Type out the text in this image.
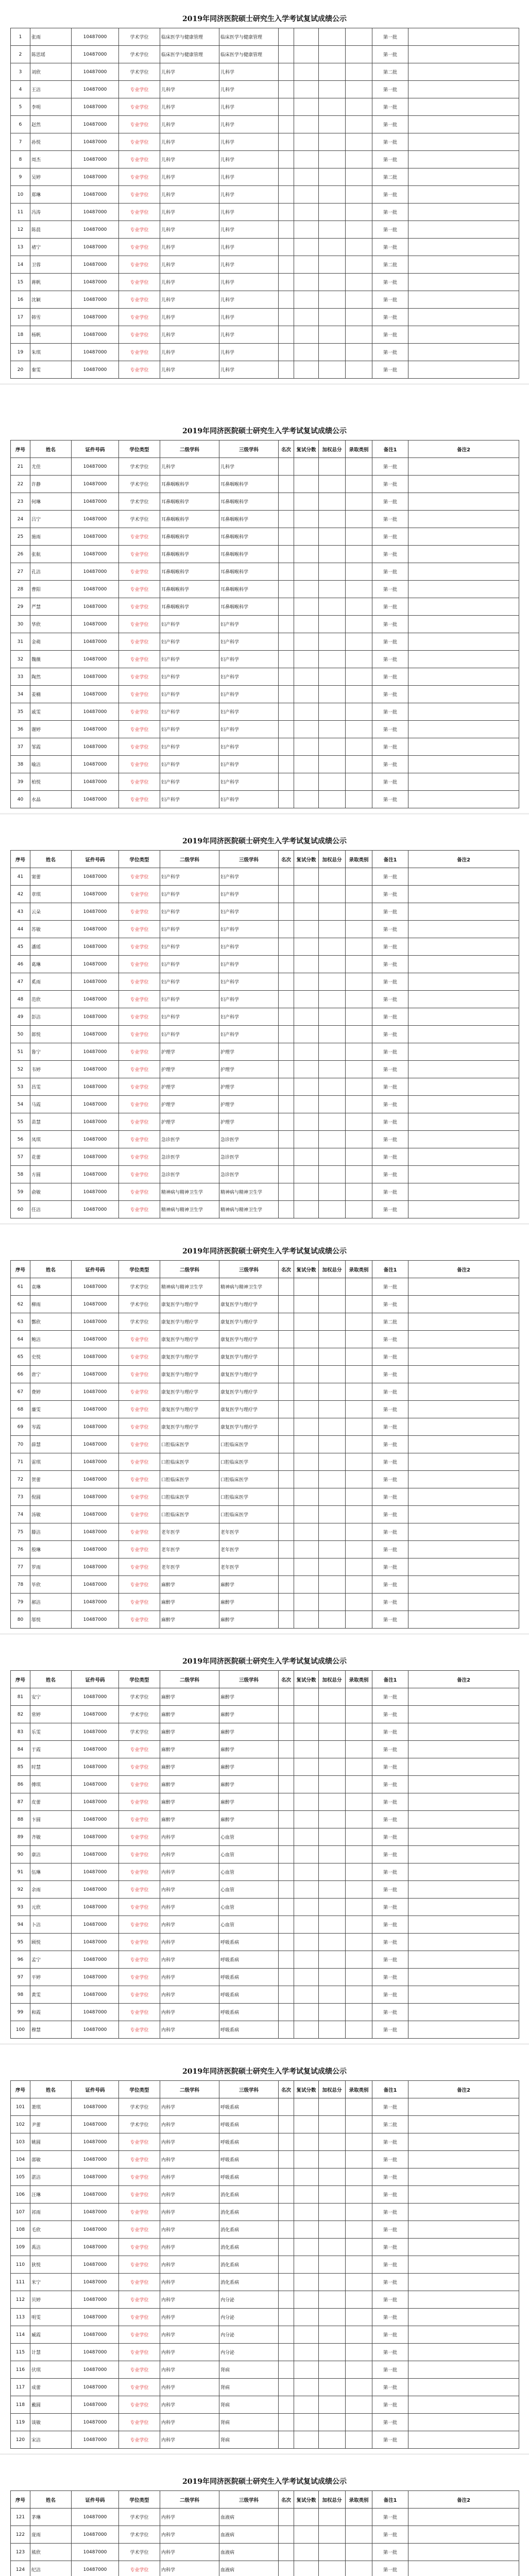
2019年同济医院硕士研究生入学考试复试成绩公示
1	张雨	10487000	学术学位	临床医学与健康管理	临床医学与健康管理					第一批	
2	陈思瑶	10487000	学术学位	临床医学与健康管理	临床医学与健康管理					第一批	
3	刘欣	10487000	学术学位	儿科学	儿科学					第二批	
4	王洁	10487000	专业学位	儿科学	儿科学					第一批	
5	李明	10487000	专业学位	儿科学	儿科学					第一批	
6	赵然	10487000	专业学位	儿科学	儿科学					第一批	
7	孙悦	10487000	专业学位	儿科学	儿科学					第一批	
8	周杰	10487000	专业学位	儿科学	儿科学					第一批	
9	吴婷	10487000	专业学位	儿科学	儿科学					第二批	
10	郑琳	10487000	专业学位	儿科学	儿科学					第一批	
11	冯涛	10487000	专业学位	儿科学	儿科学					第一批	
12	陈晨	10487000	专业学位	儿科学	儿科学					第一批	
13	褚宁	10487000	专业学位	儿科学	儿科学					第一批	
14	卫蓉	10487000	专业学位	儿科学	儿科学					第二批	
15	蒋帆	10487000	专业学位	儿科学	儿科学					第一批	
16	沈颖	10487000	专业学位	儿科学	儿科学					第一批	
17	韩雪	10487000	专业学位	儿科学	儿科学					第一批	
18	杨帆	10487000	专业学位	儿科学	儿科学					第一批	
19	朱琪	10487000	专业学位	儿科学	儿科学					第一批	
20	秦雯	10487000	专业学位	儿科学	儿科学					第一批	
2019年同济医院硕士研究生入学考试复试成绩公示
序号	姓名	证件号码	学位类型	二级学科	三级学科	名次	复试分数	加权总分	录取类别	备注1	备注2
21	尤佳	10487000	学术学位	儿科学	儿科学					第一批	
22	许静	10487000	学术学位	耳鼻咽喉科学	耳鼻咽喉科学					第一批	
23	何琳	10487000	学术学位	耳鼻咽喉科学	耳鼻咽喉科学					第一批	
24	吕宁	10487000	学术学位	耳鼻咽喉科学	耳鼻咽喉科学					第一批	
25	施雨	10487000	专业学位	耳鼻咽喉科学	耳鼻咽喉科学					第一批	
26	张航	10487000	专业学位	耳鼻咽喉科学	耳鼻咽喉科学					第一批	
27	孔洁	10487000	专业学位	耳鼻咽喉科学	耳鼻咽喉科学					第一批	
28	曹阳	10487000	专业学位	耳鼻咽喉科学	耳鼻咽喉科学					第一批	
29	严慧	10487000	专业学位	耳鼻咽喉科学	耳鼻咽喉科学					第一批	
30	华欣	10487000	专业学位	妇产科学	妇产科学					第一批	
31	金萌	10487000	专业学位	妇产科学	妇产科学					第一批	
32	魏薇	10487000	专业学位	妇产科学	妇产科学					第一批	
33	陶然	10487000	专业学位	妇产科学	妇产科学					第一批	
34	姜楠	10487000	专业学位	妇产科学	妇产科学					第一批	
35	戚雯	10487000	专业学位	妇产科学	妇产科学					第一批	
36	谢婷	10487000	专业学位	妇产科学	妇产科学					第一批	
37	邹霞	10487000	专业学位	妇产科学	妇产科学					第一批	
38	喻洁	10487000	专业学位	妇产科学	妇产科学					第一批	
39	柏悦	10487000	专业学位	妇产科学	妇产科学					第一批	
40	水晶	10487000	专业学位	妇产科学	妇产科学					第一批	
2019年同济医院硕士研究生入学考试复试成绩公示
序号	姓名	证件号码	学位类型	二级学科	三级学科	名次	复试分数	加权总分	录取类别	备注1	备注2
41	窦蕾	10487000	专业学位	妇产科学	妇产科学					第一批	
42	章琪	10487000	专业学位	妇产科学	妇产科学					第一批	
43	云朵	10487000	专业学位	妇产科学	妇产科学					第一批	
44	苏敏	10487000	专业学位	妇产科学	妇产科学					第一批	
45	潘瑶	10487000	专业学位	妇产科学	妇产科学					第一批	
46	葛琳	10487000	专业学位	妇产科学	妇产科学					第一批	
47	奚雨	10487000	专业学位	妇产科学	妇产科学					第一批	
48	范欣	10487000	专业学位	妇产科学	妇产科学					第一批	
49	彭洁	10487000	专业学位	妇产科学	妇产科学					第一批	
50	郎悦	10487000	专业学位	妇产科学	妇产科学					第一批	
51	鲁宁	10487000	专业学位	护理学	护理学					第一批	
52	韦婷	10487000	专业学位	护理学	护理学					第一批	
53	昌雯	10487000	专业学位	护理学	护理学					第一批	
54	马霞	10487000	专业学位	护理学	护理学					第一批	
55	苗慧	10487000	专业学位	护理学	护理学					第一批	
56	凤琪	10487000	专业学位	急诊医学	急诊医学					第一批	
57	花蕾	10487000	专业学位	急诊医学	急诊医学					第一批	
58	方圆	10487000	专业学位	急诊医学	急诊医学					第一批	
59	俞敏	10487000	专业学位	精神病与精神卫生学	精神病与精神卫生学					第一批	
60	任洁	10487000	专业学位	精神病与精神卫生学	精神病与精神卫生学					第一批	
2019年同济医院硕士研究生入学考试复试成绩公示
序号	姓名	证件号码	学位类型	二级学科	三级学科	名次	复试分数	加权总分	录取类别	备注1	备注2
61	袁琳	10487000	学术学位	精神病与精神卫生学	精神病与精神卫生学					第一批	
62	柳雨	10487000	学术学位	康复医学与理疗学	康复医学与理疗学					第一批	
63	酆欣	10487000	学术学位	康复医学与理疗学	康复医学与理疗学					第二批	
64	鲍洁	10487000	专业学位	康复医学与理疗学	康复医学与理疗学					第一批	
65	史悦	10487000	专业学位	康复医学与理疗学	康复医学与理疗学					第一批	
66	唐宁	10487000	专业学位	康复医学与理疗学	康复医学与理疗学					第一批	
67	费婷	10487000	专业学位	康复医学与理疗学	康复医学与理疗学					第一批	
68	廉雯	10487000	专业学位	康复医学与理疗学	康复医学与理疗学					第一批	
69	岑霞	10487000	专业学位	康复医学与理疗学	康复医学与理疗学					第一批	
70	薛慧	10487000	专业学位	口腔临床医学	口腔临床医学					第一批	
71	雷琪	10487000	专业学位	口腔临床医学	口腔临床医学					第一批	
72	贺蕾	10487000	专业学位	口腔临床医学	口腔临床医学					第一批	
73	倪圆	10487000	专业学位	口腔临床医学	口腔临床医学					第一批	
74	汤敏	10487000	专业学位	口腔临床医学	口腔临床医学					第一批	
75	滕洁	10487000	专业学位	老年医学	老年医学					第一批	
76	殷琳	10487000	专业学位	老年医学	老年医学					第一批	
77	罗雨	10487000	专业学位	老年医学	老年医学					第一批	
78	毕欣	10487000	专业学位	麻醉学	麻醉学					第一批	
79	郝洁	10487000	专业学位	麻醉学	麻醉学					第一批	
80	邬悦	10487000	专业学位	麻醉学	麻醉学					第一批	
2019年同济医院硕士研究生入学考试复试成绩公示
序号	姓名	证件号码	学位类型	二级学科	三级学科	名次	复试分数	加权总分	录取类别	备注1	备注2
81	安宁	10487000	学术学位	麻醉学	麻醉学					第一批	
82	常婷	10487000	学术学位	麻醉学	麻醉学					第一批	
83	乐雯	10487000	学术学位	麻醉学	麻醉学					第一批	
84	于霞	10487000	专业学位	麻醉学	麻醉学					第一批	
85	时慧	10487000	专业学位	麻醉学	麻醉学					第一批	
86	傅琪	10487000	专业学位	麻醉学	麻醉学					第一批	
87	皮蕾	10487000	专业学位	麻醉学	麻醉学					第一批	
88	卞圆	10487000	专业学位	麻醉学	麻醉学					第一批	
89	齐敏	10487000	专业学位	内科学	心血管					第一批	
90	康洁	10487000	专业学位	内科学	心血管					第一批	
91	伍琳	10487000	专业学位	内科学	心血管					第一批	
92	余雨	10487000	专业学位	内科学	心血管					第一批	
93	元欣	10487000	专业学位	内科学	心血管					第一批	
94	卜洁	10487000	专业学位	内科学	心血管					第一批	
95	顾悦	10487000	专业学位	内科学	呼吸系病					第一批	
96	孟宁	10487000	专业学位	内科学	呼吸系病					第一批	
97	平婷	10487000	专业学位	内科学	呼吸系病					第一批	
98	黄雯	10487000	专业学位	内科学	呼吸系病					第一批	
99	和霞	10487000	专业学位	内科学	呼吸系病					第一批	
100	穆慧	10487000	专业学位	内科学	呼吸系病					第一批	
2019年同济医院硕士研究生入学考试复试成绩公示
序号	姓名	证件号码	学位类型	二级学科	三级学科	名次	复试分数	加权总分	录取类别	备注1	备注2
101	萧琪	10487000	学术学位	内科学	呼吸系病					第一批	
102	尹蕾	10487000	学术学位	内科学	呼吸系病					第二批	
103	姚圆	10487000	专业学位	内科学	呼吸系病					第一批	
104	邵敏	10487000	专业学位	内科学	呼吸系病					第一批	
105	湛洁	10487000	专业学位	内科学	呼吸系病					第一批	
106	汪琳	10487000	专业学位	内科学	消化系病					第一批	
107	祁雨	10487000	专业学位	内科学	消化系病					第一批	
108	毛欣	10487000	专业学位	内科学	消化系病					第一批	
109	禹洁	10487000	专业学位	内科学	消化系病					第一批	
110	狄悦	10487000	专业学位	内科学	消化系病					第一批	
111	米宁	10487000	专业学位	内科学	消化系病					第一批	
112	贝婷	10487000	专业学位	内科学	内分泌					第一批	
113	明雯	10487000	专业学位	内科学	内分泌					第一批	
114	臧霞	10487000	专业学位	内科学	内分泌					第一批	
115	计慧	10487000	专业学位	内科学	内分泌					第一批	
116	伏琪	10487000	专业学位	内科学	肾病					第一批	
117	成蕾	10487000	专业学位	内科学	肾病					第一批	
118	戴圆	10487000	专业学位	内科学	肾病					第一批	
119	谈敏	10487000	专业学位	内科学	肾病					第一批	
120	宋洁	10487000	专业学位	内科学	肾病					第一批	
2019年同济医院硕士研究生入学考试复试成绩公示
序号	姓名	证件号码	学位类型	二级学科	三级学科	名次	复试分数	加权总分	录取类别	备注1	备注2
121	茅琳	10487000	学术学位	内科学	血液病					第一批	
122	庞雨	10487000	学术学位	内科学	血液病					第一批	
123	熊欣	10487000	学术学位	内科学	血液病					第一批	
124	纪洁	10487000	专业学位	内科学	血液病					第一批	
